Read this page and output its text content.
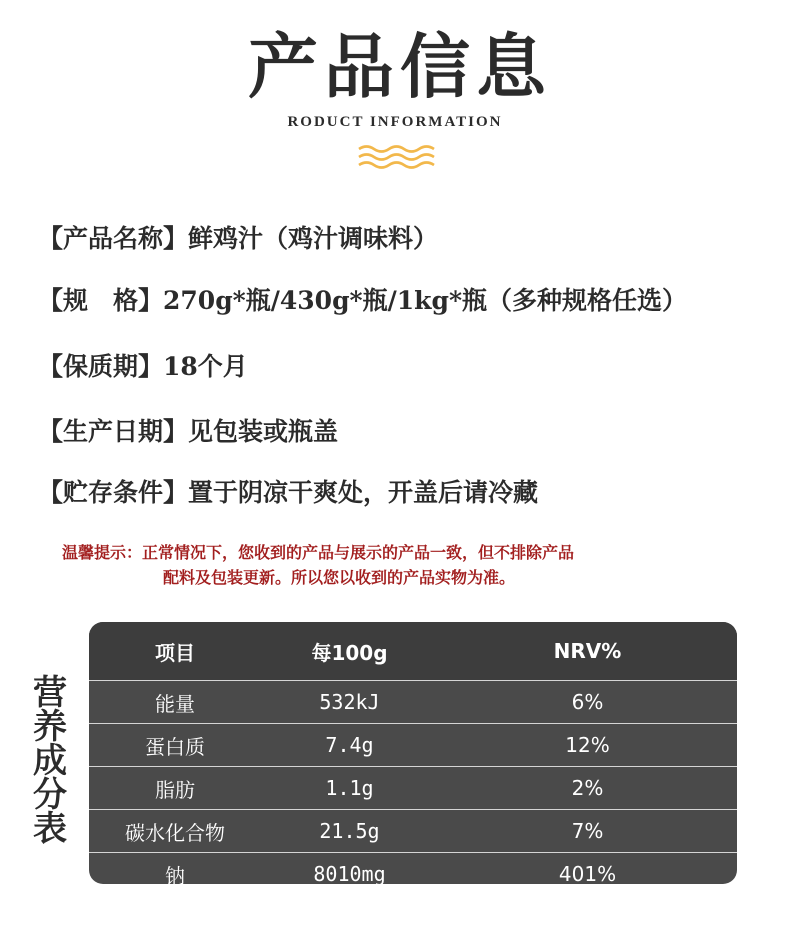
产品信息
RODUCT INFORMATION
【产品名称】鲜鸡汁（鸡汁调味料）
【规　格】270g*瓶/430g*瓶/1kg*瓶（多种规格任选）
【保质期】18个月
【生产日期】见包装或瓶盖
【贮存条件】置于阴凉干爽处，开盖后请冷藏
温馨提示：正常情况下，您收到的产品与展示的产品一致，但不排除产品
配料及包装更新。所以您以收到的产品实物为准。
营
养
成
分
表
项目	每100g	NRV%
能量	532kJ	6%
蛋白质	7.4g	12%
脂肪	1.1g	2%
碳水化合物	21.5g	7%
钠	8010mg	401%
